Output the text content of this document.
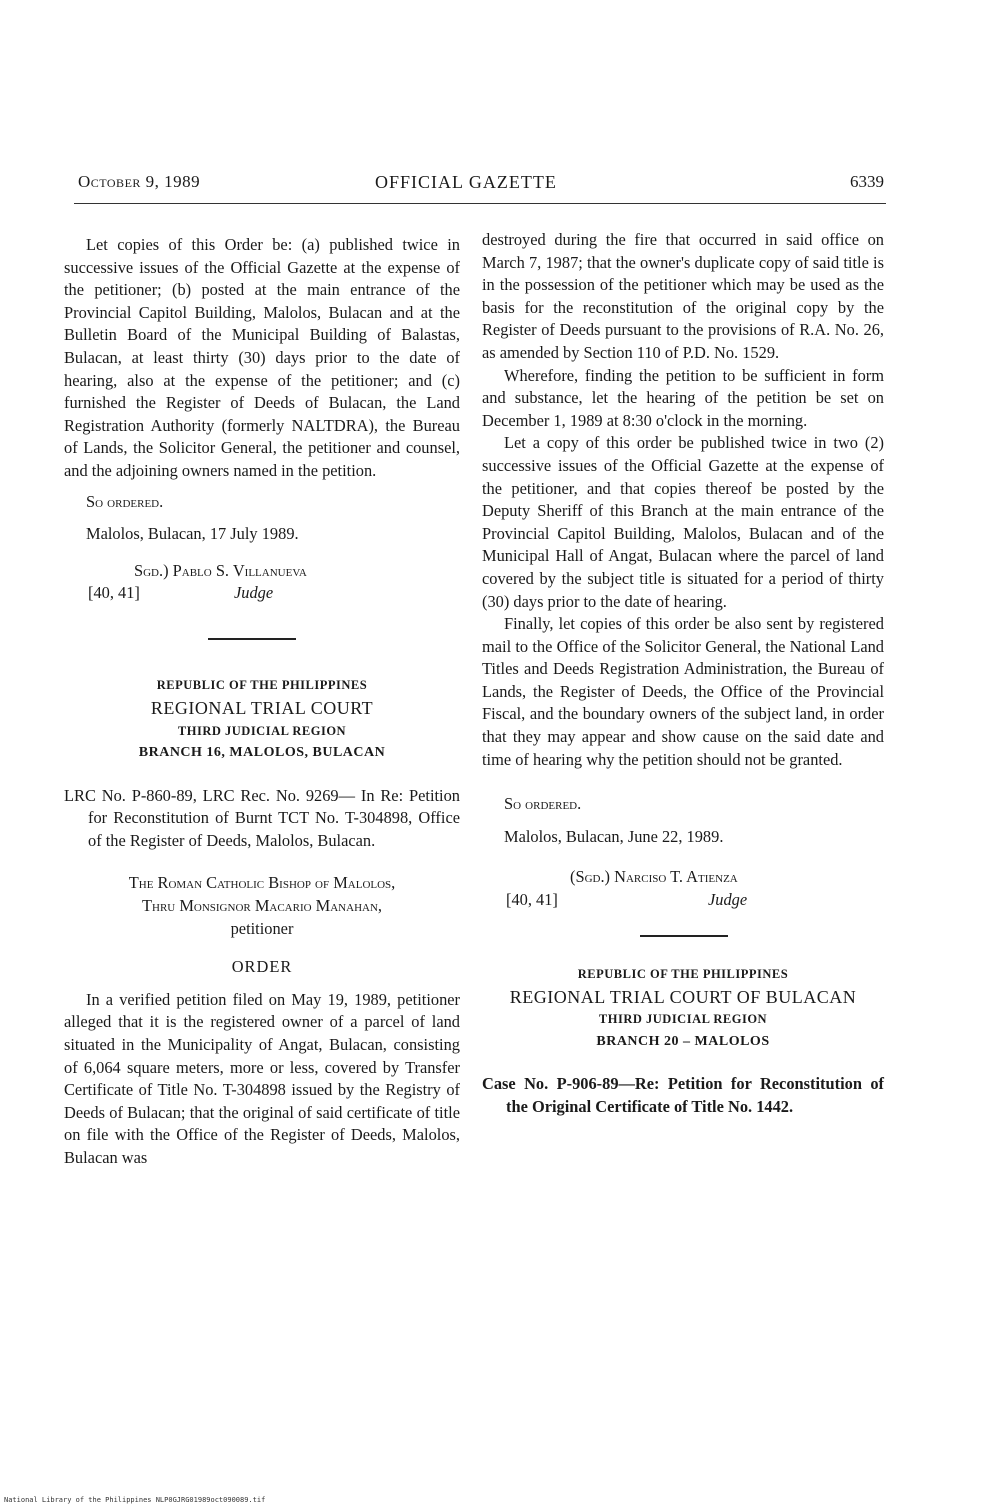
October 9, 1989	OFFICIAL GAZETTE	6339

Let copies of this Order be: (a) published twice in successive issues of the Official Gazette at the expense of the petitioner; (b) posted at the main entrance of the Provincial Capitol Building, Malolos, Bulacan and at the Bulletin Board of the Municipal Building of Balastas, Bulacan, at least thirty (30) days prior to the date of hearing, also at the expense of the petitioner; and (c) furnished the Register of Deeds of Bulacan, the Land Registration Authority (formerly NALTDRA), the Bureau of Lands, the Solicitor General, the petitioner and counsel, and the adjoining owners named in the petition.

So ordered.

Malolos, Bulacan, 17 July 1989.

Sgd.) Pablo S. Villanueva

[40, 41]	Judge
REPUBLIC OF THE PHILIPPINES
REGIONAL TRIAL COURT
THIRD JUDICIAL REGION
BRANCH 16, MALOLOS, BULACAN

LRC No. P-860-89, LRC Rec. No. 9269— In Re: Petition for Reconstitution of Burnt TCT No. T-304898, Office of the Register of Deeds, Malolos, Bulacan.

The Roman Catholic Bishop of Malolos,
Thru Monsignor Macario Manahan,
petitioner
ORDER

In a verified petition filed on May 19, 1989, petitioner alleged that it is the registered owner of a parcel of land situated in the Municipality of Angat, Bulacan, consisting of 6,064 square meters, more or less, covered by Transfer Certificate of Title No. T-304898 issued by the Registry of Deeds of Bulacan; that the original of said certificate of title on file with the Office of the Register of Deeds, Malolos, Bulacan was

destroyed during the fire that occurred in said office on March 7, 1987; that the owner's duplicate copy of said title is in the possession of the petitioner which may be used as the basis for the reconstitution of the original copy by the Register of Deeds pursuant to the provisions of R.A. No. 26, as amended by Section 110 of P.D. No. 1529.

Wherefore, finding the petition to be sufficient in form and substance, let the hearing of the petition be set on December 1, 1989 at 8:30 o'clock in the morning.

Let a copy of this order be published twice in two (2) successive issues of the Official Gazette at the expense of the petitioner, and that copies thereof be posted by the Deputy Sheriff of this Branch at the main entrance of the Provincial Capitol Building, Malolos, Bulacan and of the Municipal Hall of Angat, Bulacan where the parcel of land covered by the subject title is situated for a period of thirty (30) days prior to the date of hearing.

Finally, let copies of this order be also sent by registered mail to the Office of the Solicitor General, the National Land Titles and Deeds Registration Administration, the Bureau of Lands, the Register of Deeds, the Office of the Provincial Fiscal, and the boundary owners of the subject land, in order that they may appear and show cause on the said date and time of hearing why the petition should not be granted.

So ordered.

Malolos, Bulacan, June 22, 1989.

(Sgd.) Narciso T. Atienza

[40, 41]	Judge
REPUBLIC OF THE PHILIPPINES
REGIONAL TRIAL COURT OF BULACAN
THIRD JUDICIAL REGION
BRANCH 20 – MALOLOS

Case No. P-906-89—Re: Petition for Reconstitution of the Original Certificate of Title No. 1442.

National Library of the Philippines NLP0GJRG01989oct090089.tif
